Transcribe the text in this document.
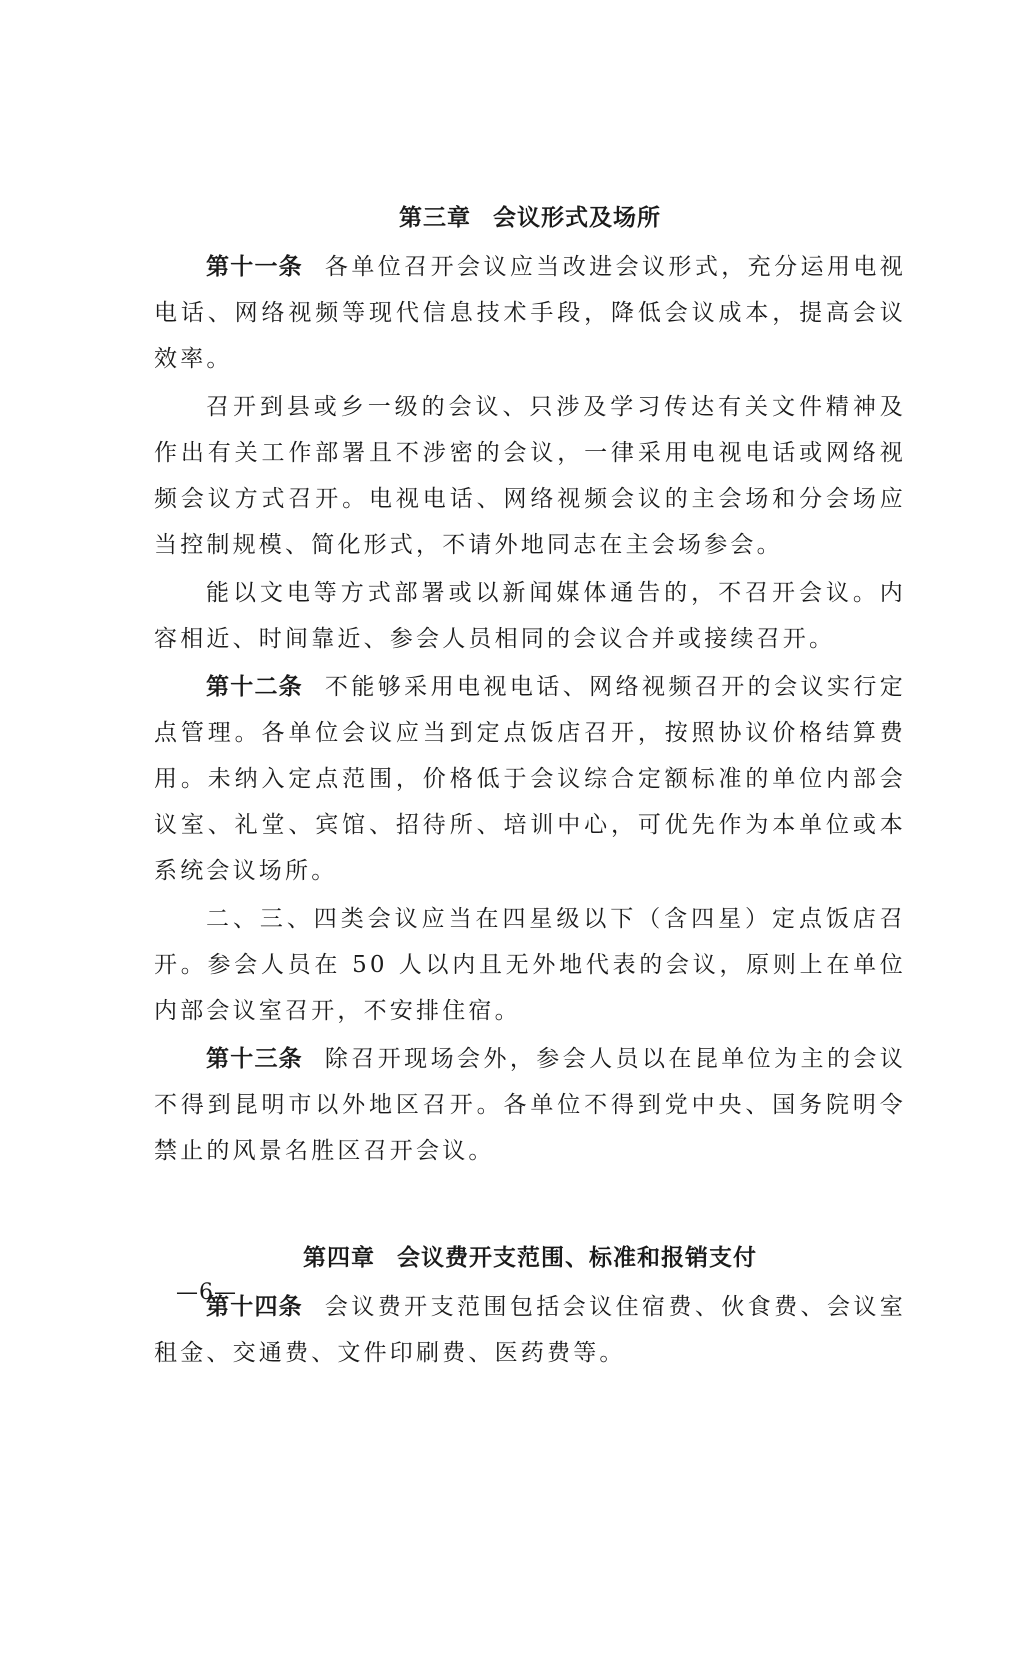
第三章 会议形式及场所

第十一条 各单位召开会议应当改进会议形式，充分运用电视电话、网络视频等现代信息技术手段，降低会议成本，提高会议效率。

召开到县或乡一级的会议、只涉及学习传达有关文件精神及作出有关工作部署且不涉密的会议，一律采用电视电话或网络视频会议方式召开。电视电话、网络视频会议的主会场和分会场应当控制规模、简化形式，不请外地同志在主会场参会。

能以文电等方式部署或以新闻媒体通告的，不召开会议。内容相近、时间靠近、参会人员相同的会议合并或接续召开。

第十二条 不能够采用电视电话、网络视频召开的会议实行定点管理。各单位会议应当到定点饭店召开，按照协议价格结算费用。未纳入定点范围，价格低于会议综合定额标准的单位内部会议室、礼堂、宾馆、招待所、培训中心，可优先作为本单位或本系统会议场所。

二、三、四类会议应当在四星级以下（含四星）定点饭店召开。参会人员在 50 人以内且无外地代表的会议，原则上在单位内部会议室召开，不安排住宿。

第十三条 除召开现场会外，参会人员以在昆单位为主的会议不得到昆明市以外地区召开。各单位不得到党中央、国务院明令禁止的风景名胜区召开会议。

第四章 会议费开支范围、标准和报销支付

第十四条 会议费开支范围包括会议住宿费、伙食费、会议室租金、交通费、文件印刷费、医药费等。

—6—
